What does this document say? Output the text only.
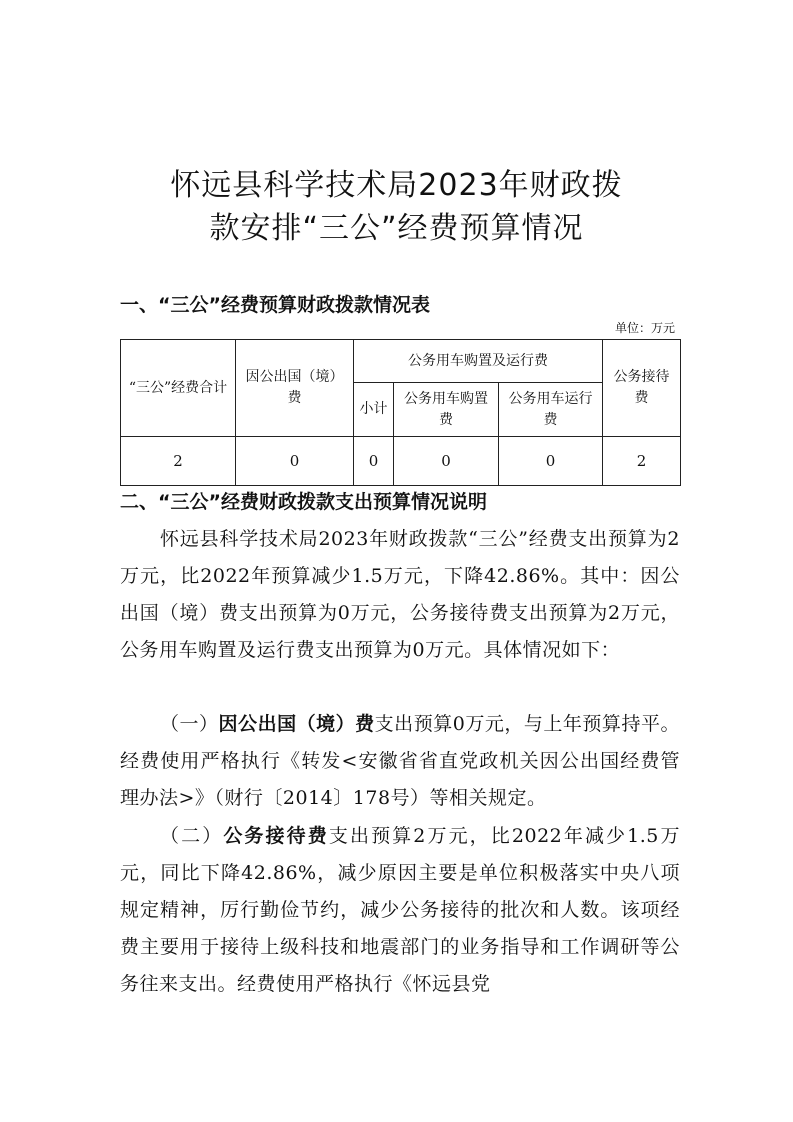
怀远县科学技术局2023年财政拨
款安排“三公”经费预算情况
一、“三公”经费预算财政拨款情况表
单位：万元
“三公”经费合计	因公出国（境）费	公务用车购置及运行费			公务接待费
		小计	公务用车购置费	公务用车运行费	
2	0	0	0	0	2
二、“三公”经费财政拨款支出预算情况说明

怀远县科学技术局2023年财政拨款“三公”经费支出预算为2万元，比2022年预算减少1.5万元，下降42.86%。其中：因公出国（境）费支出预算为0万元，公务接待费支出预算为2万元，公务用车购置及运行费支出预算为0万元。具体情况如下：

（一）因公出国（境）费支出预算0万元，与上年预算持平。经费使用严格执行《转发<安徽省省直党政机关因公出国经费管理办法>》（财行〔2014〕178号）等相关规定。

（二）公务接待费支出预算2万元，比2022年减少1.5万元，同比下降42.86%，减少原因主要是单位积极落实中央八项规定精神，厉行勤俭节约，减少公务接待的批次和人数。该项经费主要用于接待上级科技和地震部门的业务指导和工作调研等公务往来支出。经费使用严格执行《怀远县党
